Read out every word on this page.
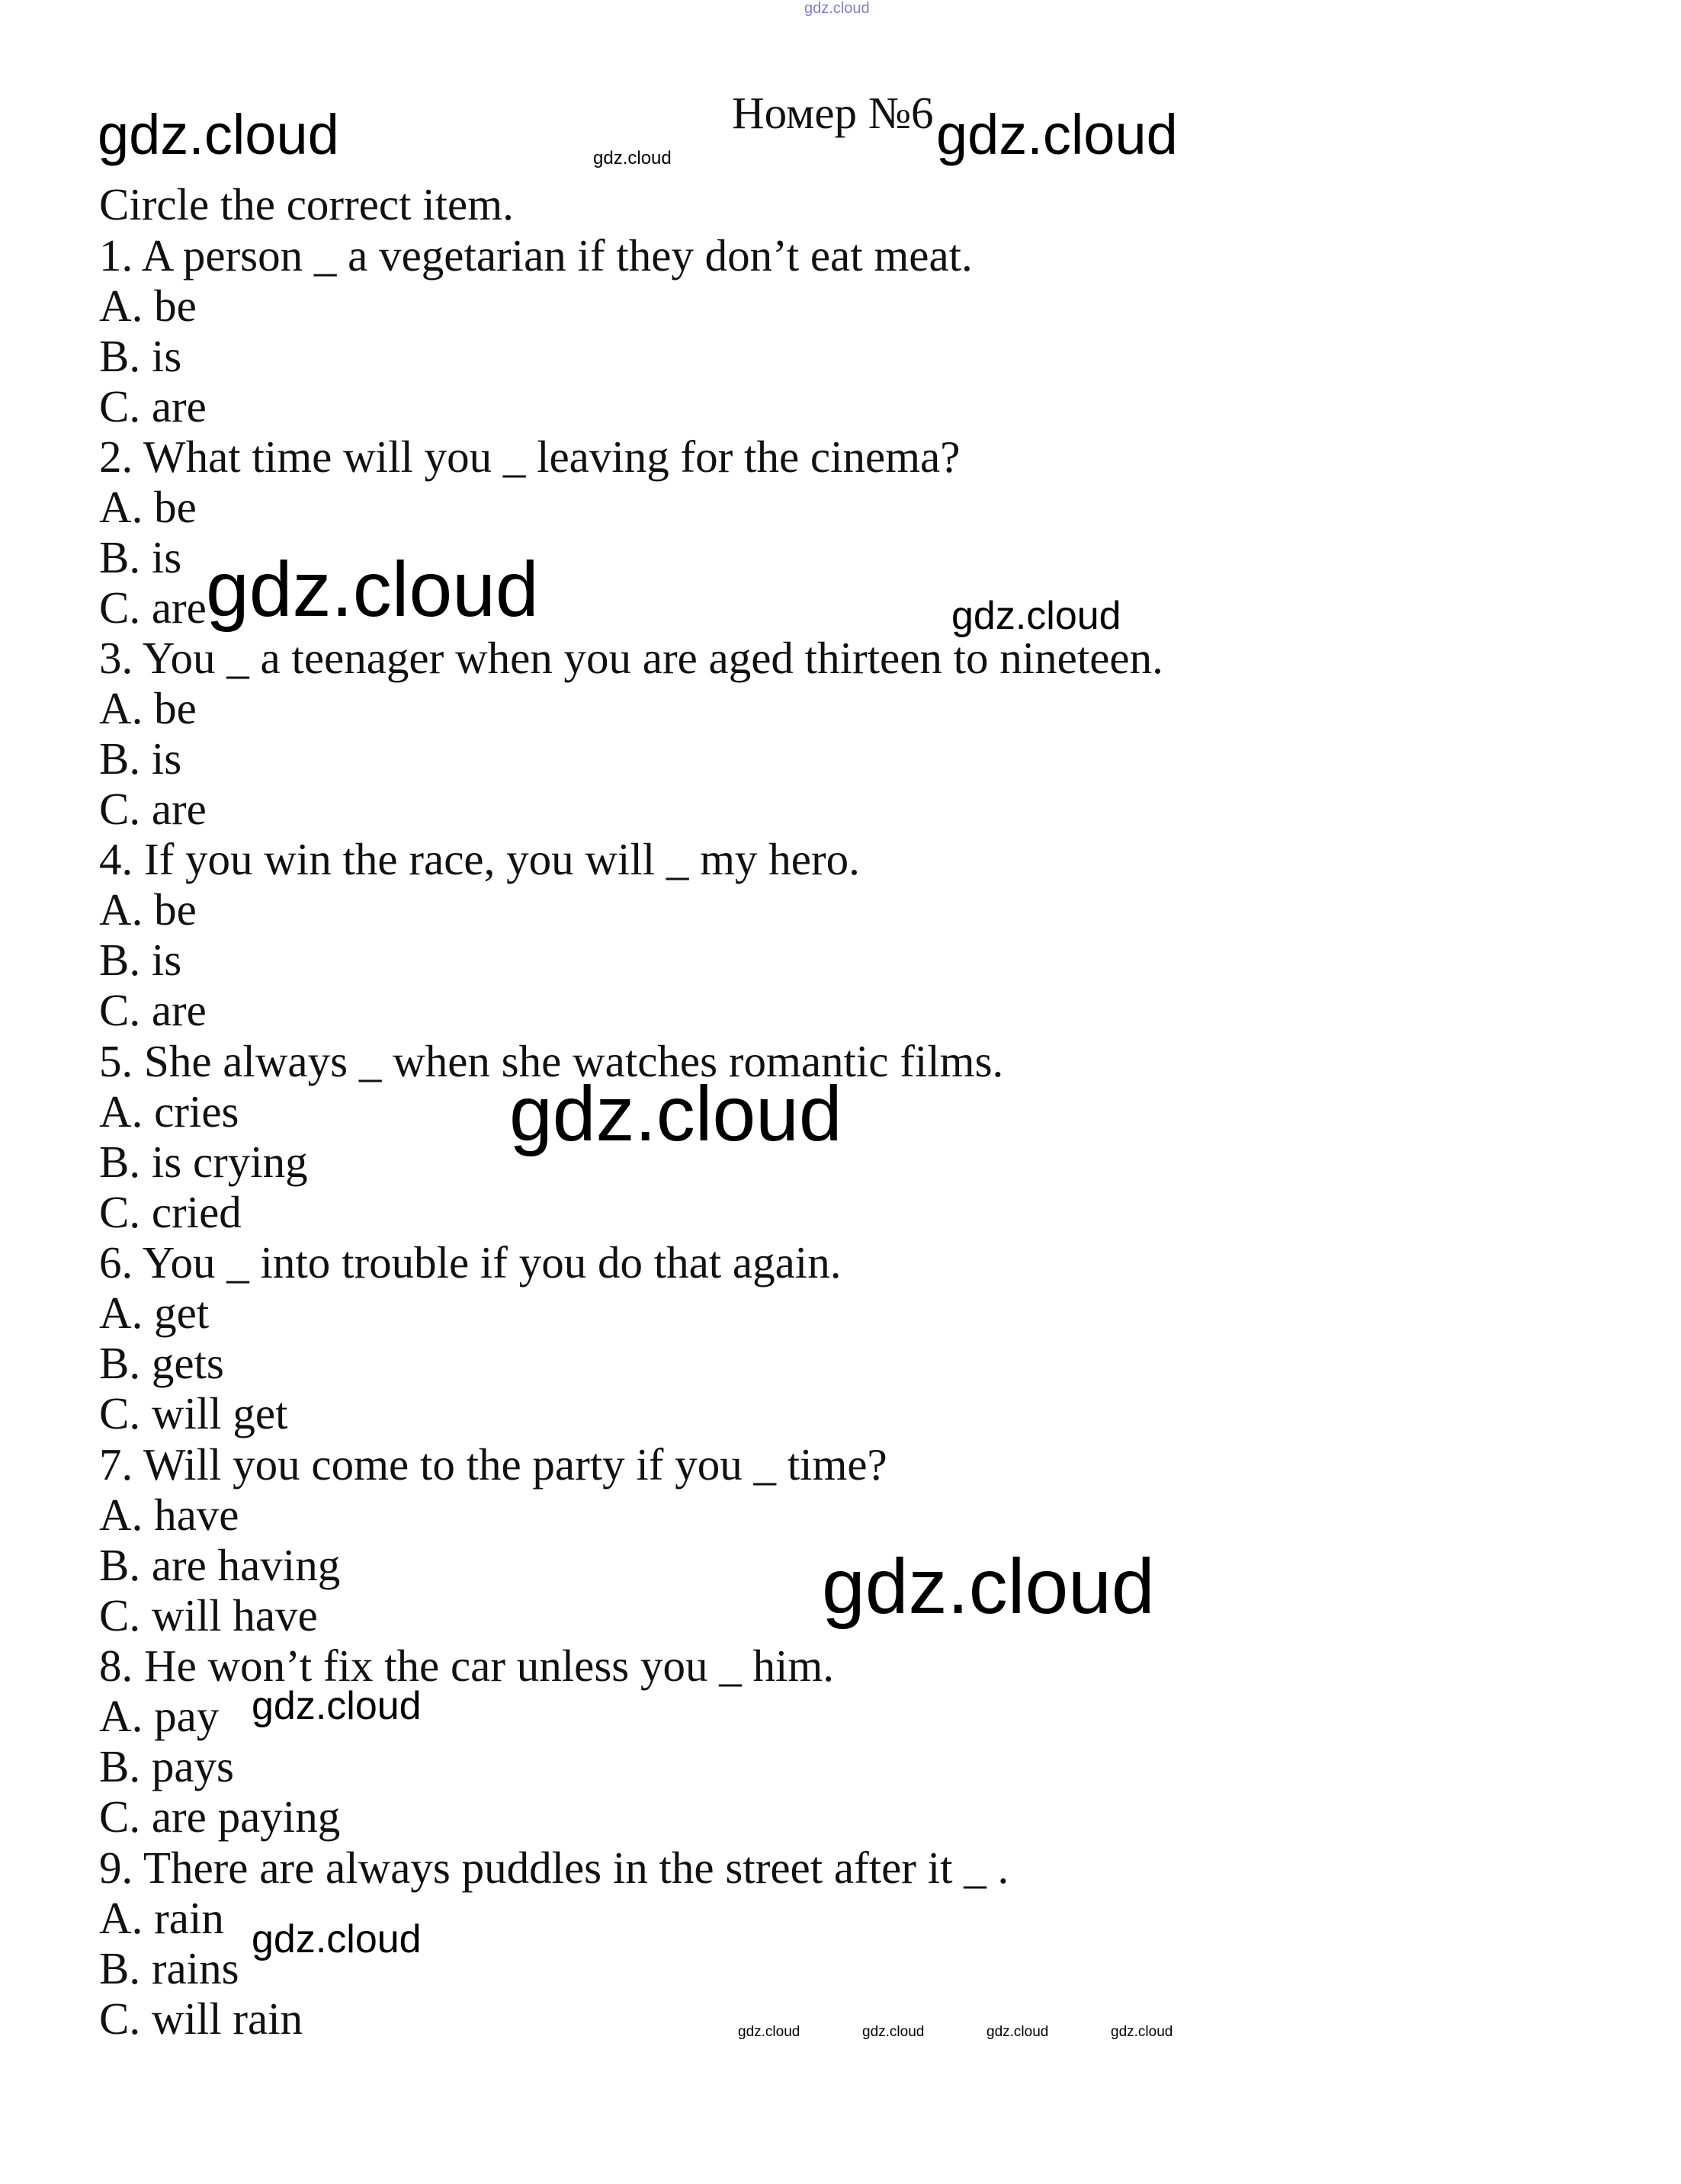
gdz.cloud
Номер №6
Circle the correct item.
1. A person _ a vegetarian if they don’t eat meat.
A. be
B. is
C. are
2. What time will you _ leaving for the cinema?
A. be
B. is
C. are
3. You _ a teenager when you are aged thirteen to nineteen.
A. be
B. is
C. are
4. If you win the race, you will _ my hero.
A. be
B. is
C. are
5. She always _ when she watches romantic films.
A. cries
B. is crying
C. cried
6. You _ into trouble if you do that again.
A. get
B. gets
C. will get
7. Will you come to the party if you _ time?
A. have
B. are having
C. will have
8. He won’t fix the car unless you _ him.
A. pay
B. pays
C. are paying
9. There are always puddles in the street after it _ .
A. rain
B. rains
C. will rain
gdz.cloud	gdz.cloud	gdz.cloud
gdz.cloud	gdz.cloud
gdz.cloud
gdz.cloud
gdz.cloud
gdz.cloud
gdz.cloud	gdz.cloud	gdz.cloud	gdz.cloud
